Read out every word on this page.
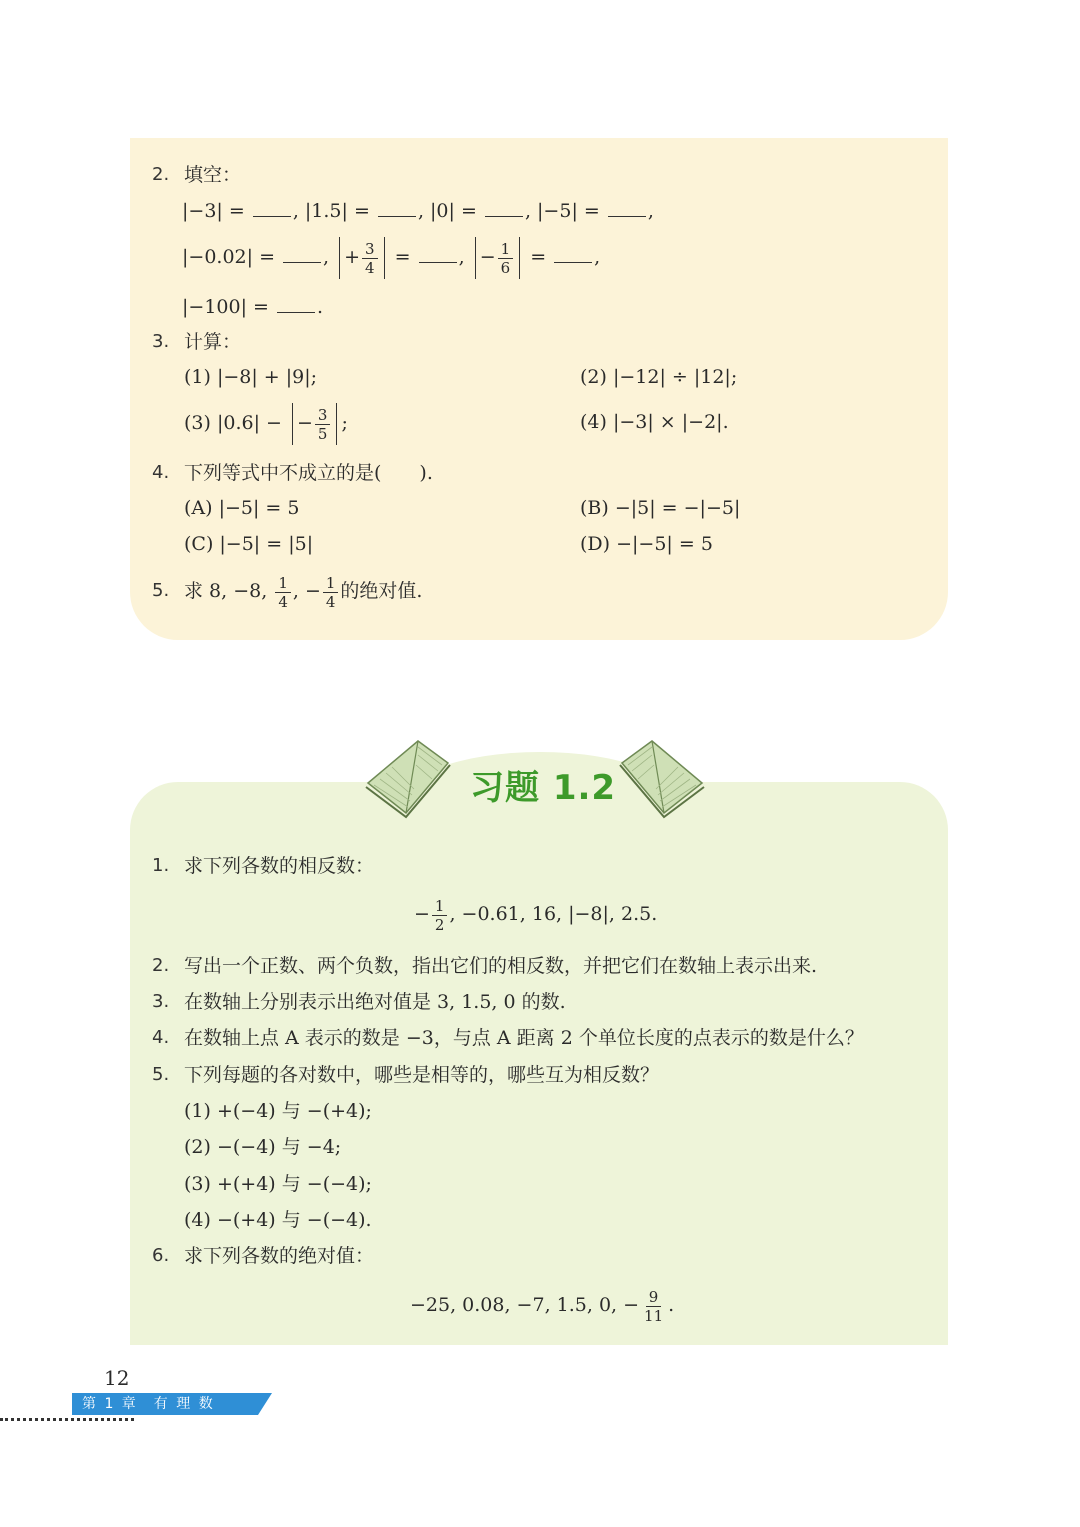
2. 填空：
|−3| = , |1.5| = , |0| = , |−5| = ,
|−0.02| = , + $\frac{3}{4}$ = , − $\frac{1}{6}$ = ,
|−100| = .
3. 计算：
(1) |−8| + |9|;	(2) |−12| ÷ |12|;
(3) |0.6| − − $\frac{3}{5}$ ;	(4) |−3| × |−2|.
4. 下列等式中不成立的是(　　).
(A) |−5| = 5	(B) −|5| = −|−5|
(C) |−5| = |5|	(D) −|−5| = 5
5. 求 8, −8, $\frac{1}{4}$ , − $\frac{1}{4}$ 的绝对值.
习题 1.2
1. 求下列各数的相反数：
− $\frac{1}{2}$ , −0.61, 16, |−8|, 2.5.
2. 写出一个正数、两个负数，指出它们的相反数，并把它们在数轴上表示出来.
3. 在数轴上分别表示出绝对值是 3, 1.5, 0 的数.
4. 在数轴上点 A 表示的数是 −3，与点 A 距离 2 个单位长度的点表示的数是什么？
5. 下列每题的各对数中，哪些是相等的，哪些互为相反数？
(1) +(−4) 与 −(+4);
(2) −(−4) 与 −4;
(3) +(+4) 与 −(−4);
(4) −(+4) 与 −(−4).
6. 求下列各数的绝对值：
−25, 0.08, −7, 1.5, 0, − $\frac{9}{11}$ .
12
第 1 章　有 理 数
